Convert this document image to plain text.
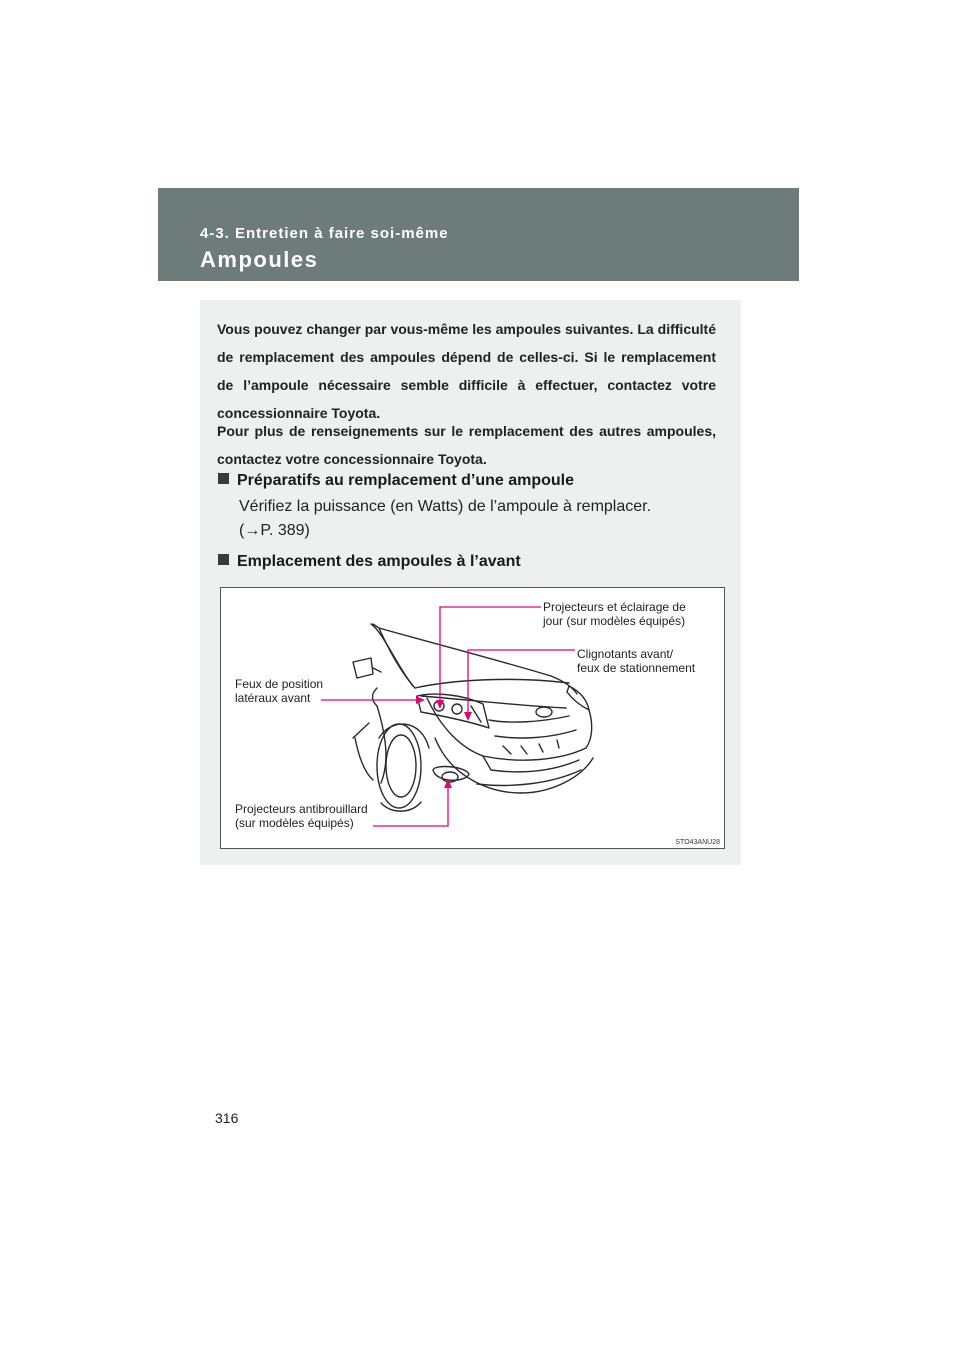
4-3. Entretien à faire soi-même
Ampoules
Vous pouvez changer par vous-même les ampoules suivantes. La difficulté de remplacement des ampoules dépend de celles-ci. Si le remplacement de l’ampoule nécessaire semble difficile à effectuer, contactez votre concessionnaire Toyota.
Pour plus de renseignements sur le remplacement des autres ampoules, contactez votre concessionnaire Toyota.
Préparatifs au remplacement d’une ampoule
Vérifiez la puissance (en Watts) de l’ampoule à remplacer.
(→P. 389)
Emplacement des ampoules à l’avant
Projecteurs et éclairage de
jour (sur modèles équipés)
Clignotants avant/
feux de stationnement
Feux de position
latéraux avant
Projecteurs antibrouillard
(sur modèles équipés)
STO43ANU28
316
